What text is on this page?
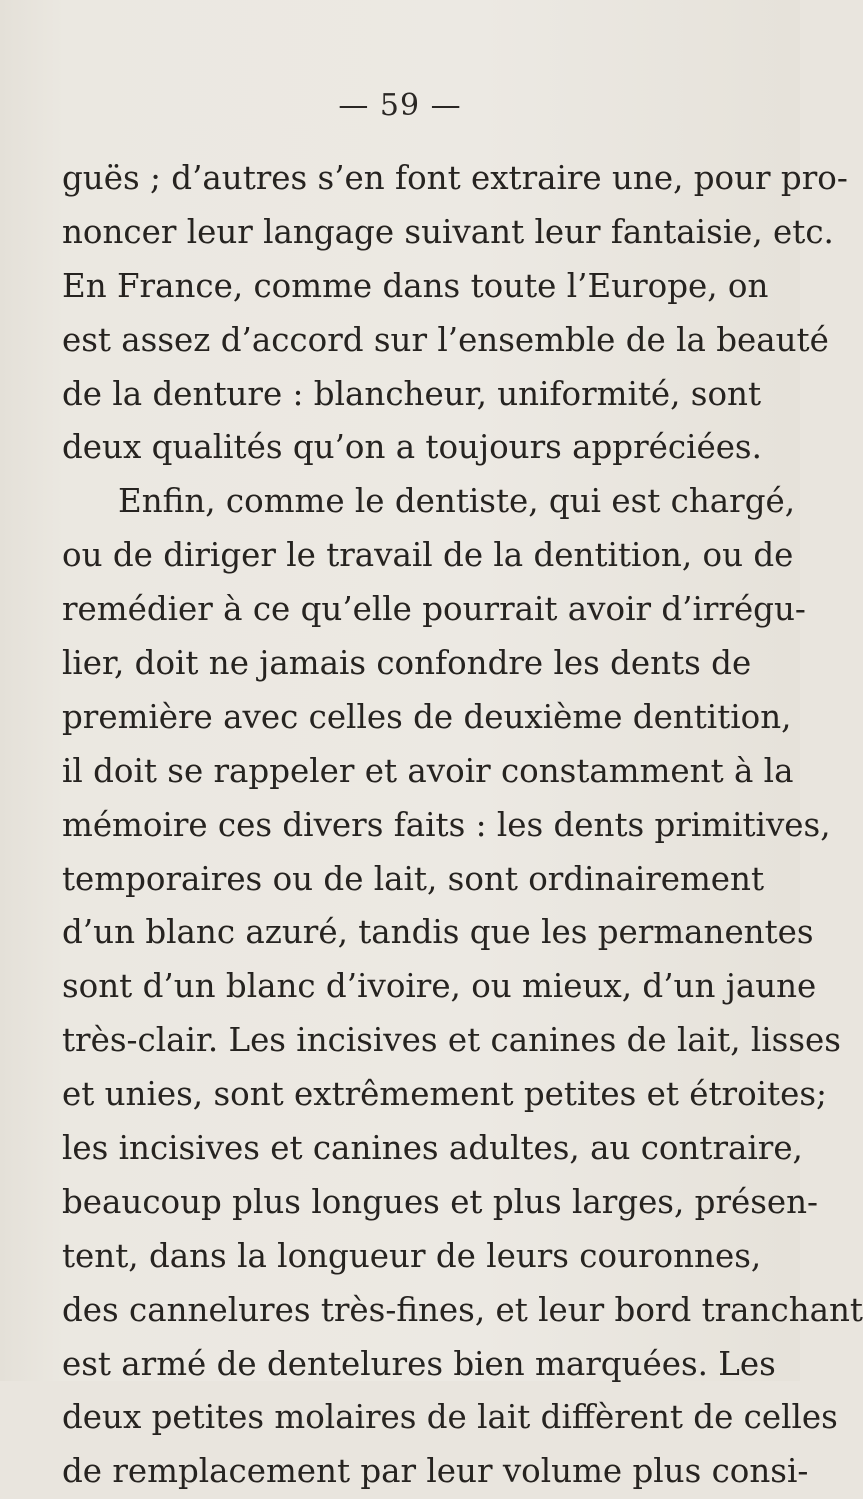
— 59 —
guës ; d’autres s’en font extraire une, pour pro-
noncer leur langage suivant leur fantaisie, etc.
En France, comme dans toute l’Europe, on
est assez d’accord sur l’ensemble de la beauté
de la denture : blancheur, uniformité, sont
deux qualités qu’on a toujours appréciées.
Enfin, comme le dentiste, qui est chargé,
ou de diriger le travail de la dentition, ou de
remédier à ce qu’elle pourrait avoir d’irrégu-
lier, doit ne jamais confondre les dents de
première avec celles de deuxième dentition,
il doit se rappeler et avoir constamment à la
mémoire ces divers faits : les dents primitives,
temporaires ou de lait, sont ordinairement
d’un blanc azuré, tandis que les permanentes
sont d’un blanc d’ivoire, ou mieux, d’un jaune
très-clair. Les incisives et canines de lait, lisses
et unies, sont extrêmement petites et étroites;
les incisives et canines adultes, au contraire,
beaucoup plus longues et plus larges, présen-
tent, dans la longueur de leurs couronnes,
des cannelures très-fines, et leur bord tranchant
est armé de dentelures bien marquées. Les
deux petites molaires de lait diffèrent de celles
de remplacement par leur volume plus consi-
